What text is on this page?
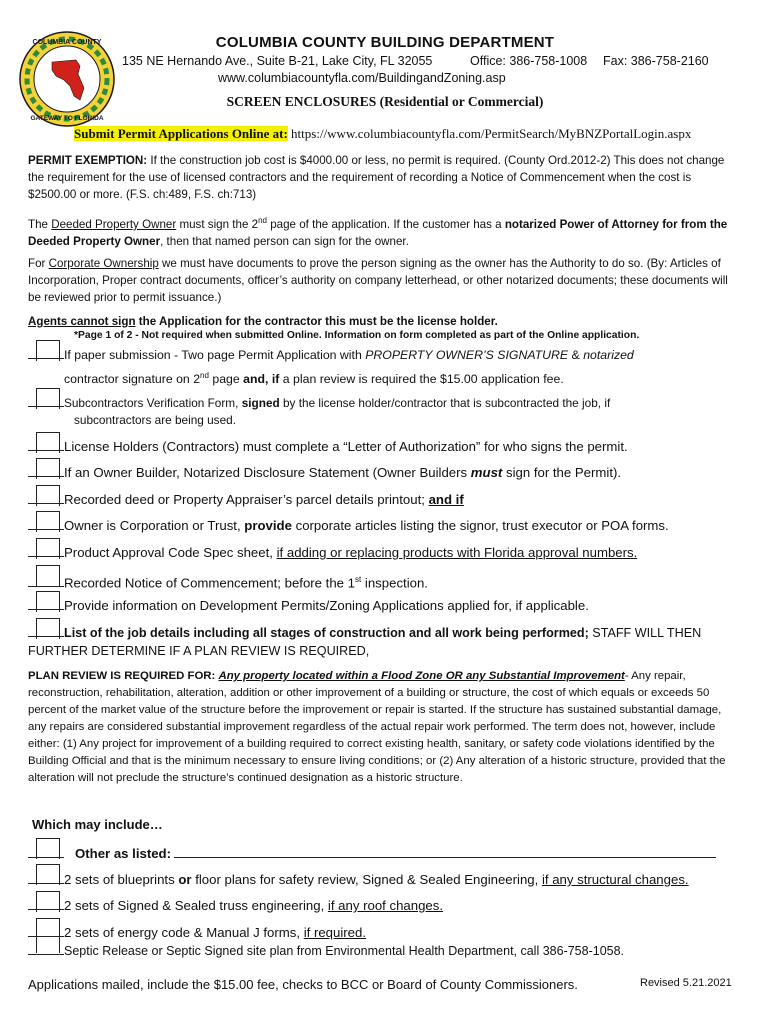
COLUMBIA COUNTY
GATEWAY TO FLORIDA
COLUMBIA COUNTY BUILDING DEPARTMENT
135 NE Hernando Ave., Suite B-21, Lake City, FL 32055	Office: 386-758-1008 Fax: 386-758-2160
www.columbiacountyfla.com/BuildingandZoning.asp
SCREEN ENCLOSURES (Residential or Commercial)
Submit Permit Applications Online at: https://www.columbiacountyfla.com/PermitSearch/MyBNZPortalLogin.aspx
PERMIT EXEMPTION: If the construction job cost is $4000.00 or less, no permit is required. (County Ord.2012-2) This does not change the requirement for the use of licensed contractors and the requirement of recording a Notice of Commencement when the cost is $2500.00 or more. (F.S. ch:489, F.S. ch:713)
The Deeded Property Owner must sign the 2nd page of the application. If the customer has a notarized Power of Attorney for from the Deeded Property Owner, then that named person can sign for the owner.
For Corporate Ownership we must have documents to prove the person signing as the owner has the Authority to do so. (By: Articles of Incorporation, Proper contract documents, officer’s authority on company letterhead, or other notarized documents; these documents will be reviewed prior to permit issuance.)
Agents cannot sign the Application for the contractor this must be the license holder.
*Page 1 of 2 - Not required when submitted Online. Information on form completed as part of the Online application.
If paper submission - Two page Permit Application with PROPERTY OWNER’S SIGNATURE & notarized
contractor signature on 2nd page and, if a plan review is required the $15.00 application fee.
Subcontractors Verification Form, signed by the license holder/contractor that is subcontracted the job, if
subcontractors are being used.
License Holders (Contractors) must complete a “Letter of Authorization” for who signs the permit.
If an Owner Builder, Notarized Disclosure Statement (Owner Builders must sign for the Permit).
Recorded deed or Property Appraiser’s parcel details printout; and if
Owner is Corporation or Trust, provide corporate articles listing the signor, trust executor or POA forms.
Product Approval Code Spec sheet, if adding or replacing products with Florida approval numbers.
Recorded Notice of Commencement; before the 1st inspection.
Provide information on Development Permits/Zoning Applications applied for, if applicable.
List of the job details including all stages of construction and all work being performed; STAFF WILL THEN FURTHER DETERMINE IF A PLAN REVIEW IS REQUIRED,
PLAN REVIEW IS REQUIRED FOR: Any property located within a Flood Zone OR any Substantial Improvement- Any repair, reconstruction, rehabilitation, alteration, addition or other improvement of a building or structure, the cost of which equals or exceeds 50 percent of the market value of the structure before the improvement or repair is started. If the structure has sustained substantial damage, any repairs are considered substantial improvement regardless of the actual repair work performed. The term does not, however, include either: (1) Any project for improvement of a building required to correct existing health, sanitary, or safety code violations identified by the Building Official and that is the minimum necessary to ensure living conditions; or (2) Any alteration of a historic structure, provided that the alteration will not preclude the structure’s continued designation as a historic structure.
Which may include…
Other as listed:
2 sets of blueprints or floor plans for safety review, Signed & Sealed Engineering, if any structural changes.
2 sets of Signed & Sealed truss engineering, if any roof changes.
2 sets of energy code & Manual J forms, if required.
Septic Release or Septic Signed site plan from Environmental Health Department, call 386-758-1058.
Applications mailed, include the $15.00 fee, checks to BCC or Board of County Commissioners.	Revised 5.21.2021
